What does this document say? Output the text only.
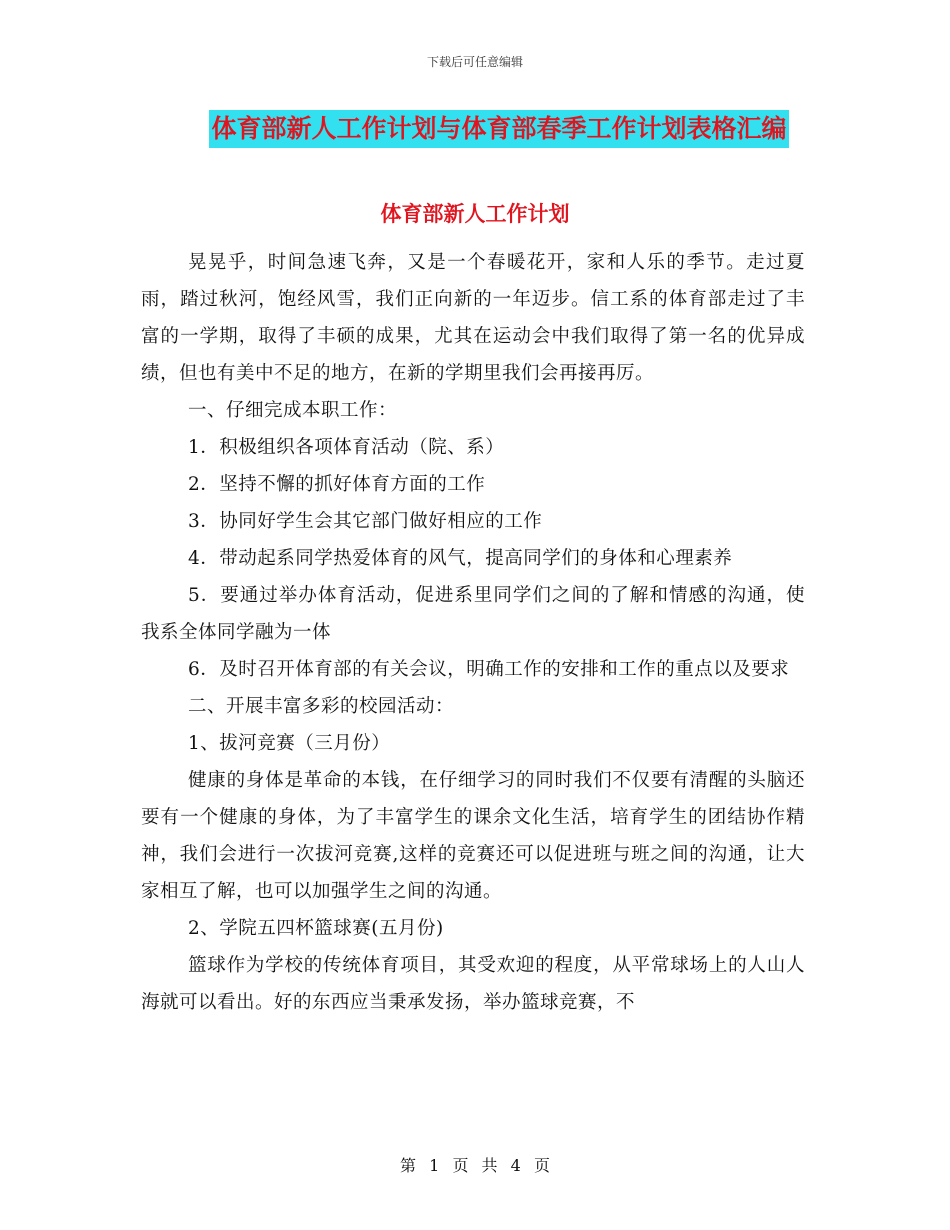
下载后可任意编辑
体育部新人工作计划与体育部春季工作计划表格汇编
体育部新人工作计划

晃晃乎，时间急速飞奔，又是一个春暖花开，家和人乐的季节。走过夏雨，踏过秋河，饱经风雪，我们正向新的一年迈步。信工系的体育部走过了丰富的一学期，取得了丰硕的成果，尤其在运动会中我们取得了第一名的优异成绩，但也有美中不足的地方，在新的学期里我们会再接再厉。

一、仔细完成本职工作：

1．积极组织各项体育活动（院、系）

2．坚持不懈的抓好体育方面的工作

3．协同好学生会其它部门做好相应的工作

4．带动起系同学热爱体育的风气，提高同学们的身体和心理素养

5．要通过举办体育活动，促进系里同学们之间的了解和情感的沟通，使我系全体同学融为一体

6．及时召开体育部的有关会议，明确工作的安排和工作的重点以及要求

二、开展丰富多彩的校园活动：

1、拔河竞赛（三月份）

健康的身体是革命的本钱，在仔细学习的同时我们不仅要有清醒的头脑还要有一个健康的身体，为了丰富学生的课余文化生活，培育学生的团结协作精神，我们会进行一次拔河竞赛,这样的竞赛还可以促进班与班之间的沟通，让大家相互了解，也可以加强学生之间的沟通。

2、学院五四杯篮球赛(五月份)

篮球作为学校的传统体育项目，其受欢迎的程度，从平常球场上的人山人海就可以看出。好的东西应当秉承发扬，举办篮球竞赛，不

第 1 页 共 4 页
